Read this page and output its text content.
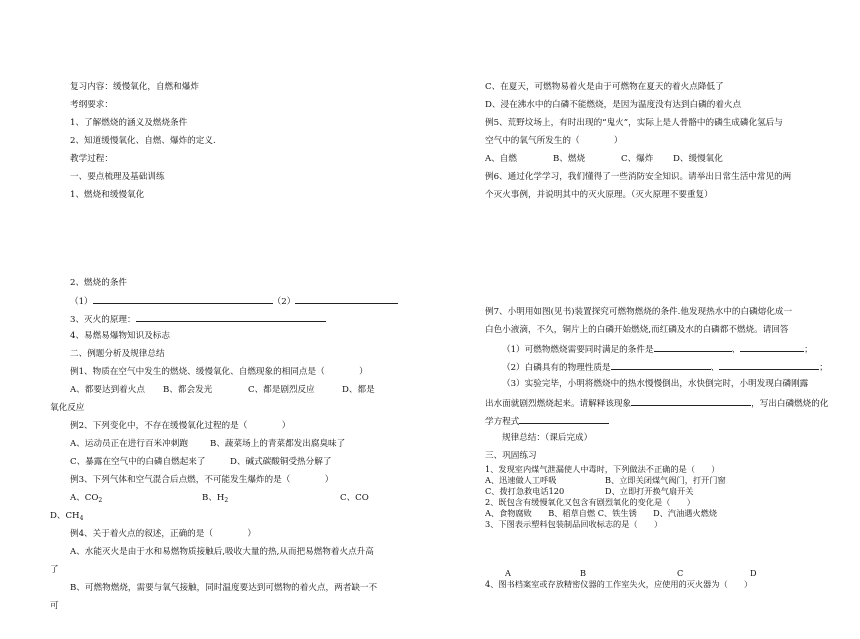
复习内容：缓慢氧化，自燃和爆炸
考纲要求：
1、了解燃烧的涵义及燃烧条件
2、知道缓慢氧化、自燃、爆炸的定义.
教学过程：
一、要点梳理及基础训练
1、燃烧和缓慢氧化
2、燃烧的条件
（1）	（2）
3、灭火的原理：
4、易燃易爆物知识及标志
二、例题分析及规律总结
例1、物质在空气中发生的燃烧、缓慢氧化、自燃现象的相同点是（　　　　）
A、都要达到着火点 B、都会发光	C、都是剧烈反应	D、都是
氧化反应
例2、下列变化中，不存在缓慢氧化过程的是（　　　　）
A、运动员正在进行百米冲刺跑	B、蔬菜场上的青菜都发出腐臭味了
C、暴露在空气中的白磷自燃起来了	D、碱式碳酸铜受热分解了
例3、下列气体和空气混合后点燃，不可能发生爆炸的是（　　　　）
A、$CO_2$	B、$H_2$	C、CO
D、$CH_4$
例4、关于着火点的叙述，正确的是（　　　　）
A、水能灭火是由于水和易燃物质接触后,吸收大量的热,从而把易燃物着火点升高
了
B、可燃物燃烧，需要与氧气接触，同时温度要达到可燃物的着火点，两者缺一不
可
C、在夏天，可燃物易着火是由于可燃物在夏天的着火点降低了
D、浸在沸水中的白磷不能燃烧，是因为温度没有达到白磷的着火点
例5、荒野坟场上，有时出现的“鬼火”，实际上是人骨骼中的磷生成磷化氢后与
空气中的氧气所发生的（　　　　）
A、自燃	B、燃烧	C、爆炸 D、缓慢氧化
例6、通过化学学习，我们懂得了一些消防安全知识。请举出日常生活中常见的两
个灭火事例，并说明其中的灭火原理。（灭火原理不要重复）
例7、小明用如图(见书)装置探究可燃物燃烧的条件.他发现热水中的白磷熔化成一
白色小液滴，不久，铜片上的白磷开始燃烧,而红磷及水的白磷都不燃烧。请回答
（1）可燃物燃烧需要同时满足的条件是	、	；
（2）白磷具有的物理性质是	、	；
（3）实验完毕，小明将燃烧中的热水慢慢倒出，水快倒完时，小明发现白磷刚露
出水面就剧烈燃烧起来。请解释该现象	，写出白磷燃烧的化
学方程式
规律总结：（课后完成）
三、巩固练习
1、发现室内煤气泄漏使人中毒时，下列做法不正确的是（　　）
A、迅速做人工呼吸	B、立即关闭煤气阀门，打开门窗
C、拨打急救电话120	D、立即打开换气扇开关
2、既包含有缓慢氧化又包含有剧烈氧化的变化是（　　）
A、食物腐败　　B、稻草自燃 C、铁生锈　　D、汽油遇火燃烧
3、下图表示塑料包装制品回收标志的是（　　）
A	B	C	D
4、图书档案室或存放精密仪器的工作室失火，应使用的灭火器为（　　）
